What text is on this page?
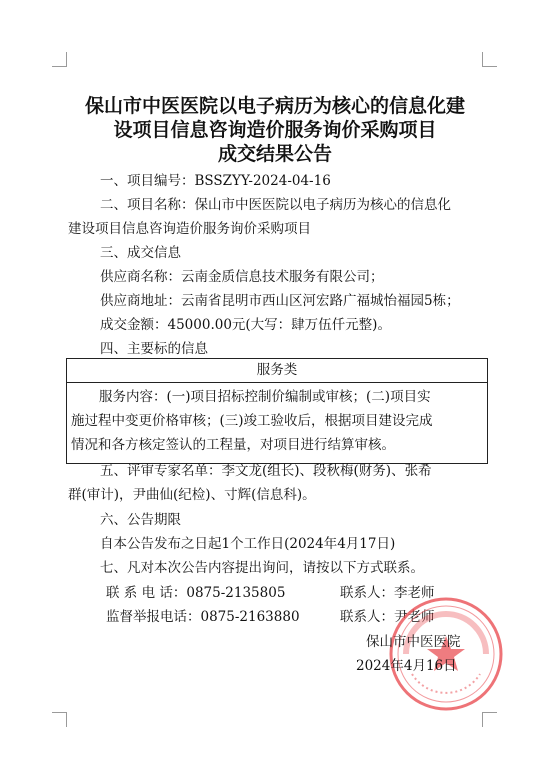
保山市中医医院以电子病历为核心的信息化建
设项目信息咨询造价服务询价采购项目
成交结果公告
一、项目编号：BSSZYY-2024-04-16
二、项目名称：保山市中医医院以电子病历为核心的信息化
建设项目信息咨询造价服务询价采购项目
三、成交信息
供应商名称：云南金质信息技术服务有限公司；
供应商地址：云南省昆明市西山区河宏路广福城怡福园5栋；
成交金额：45000.00元(大写：肆万伍仟元整)。
四、主要标的信息
服务类
服务内容：(一)项目招标控制价编制或审核；(二)项目实
施过程中变更价格审核；(三)竣工验收后，根据项目建设完成
情况和各方核定签认的工程量，对项目进行结算审核。
五、评审专家名单：李文龙(组长)、段秋梅(财务)、张希
群(审计)，尹曲仙(纪检)、寸辉(信息科)。
六、公告期限
自本公告发布之日起1个工作日(2024年4月17日)
七、凡对本次公告内容提出询问，请按以下方式联系。
联 系 电 话：0875-2135805	联系人：李老师
监督举报电话：0875-2163880	联系人：尹老师
保山市中医医院
2024年4月16日
